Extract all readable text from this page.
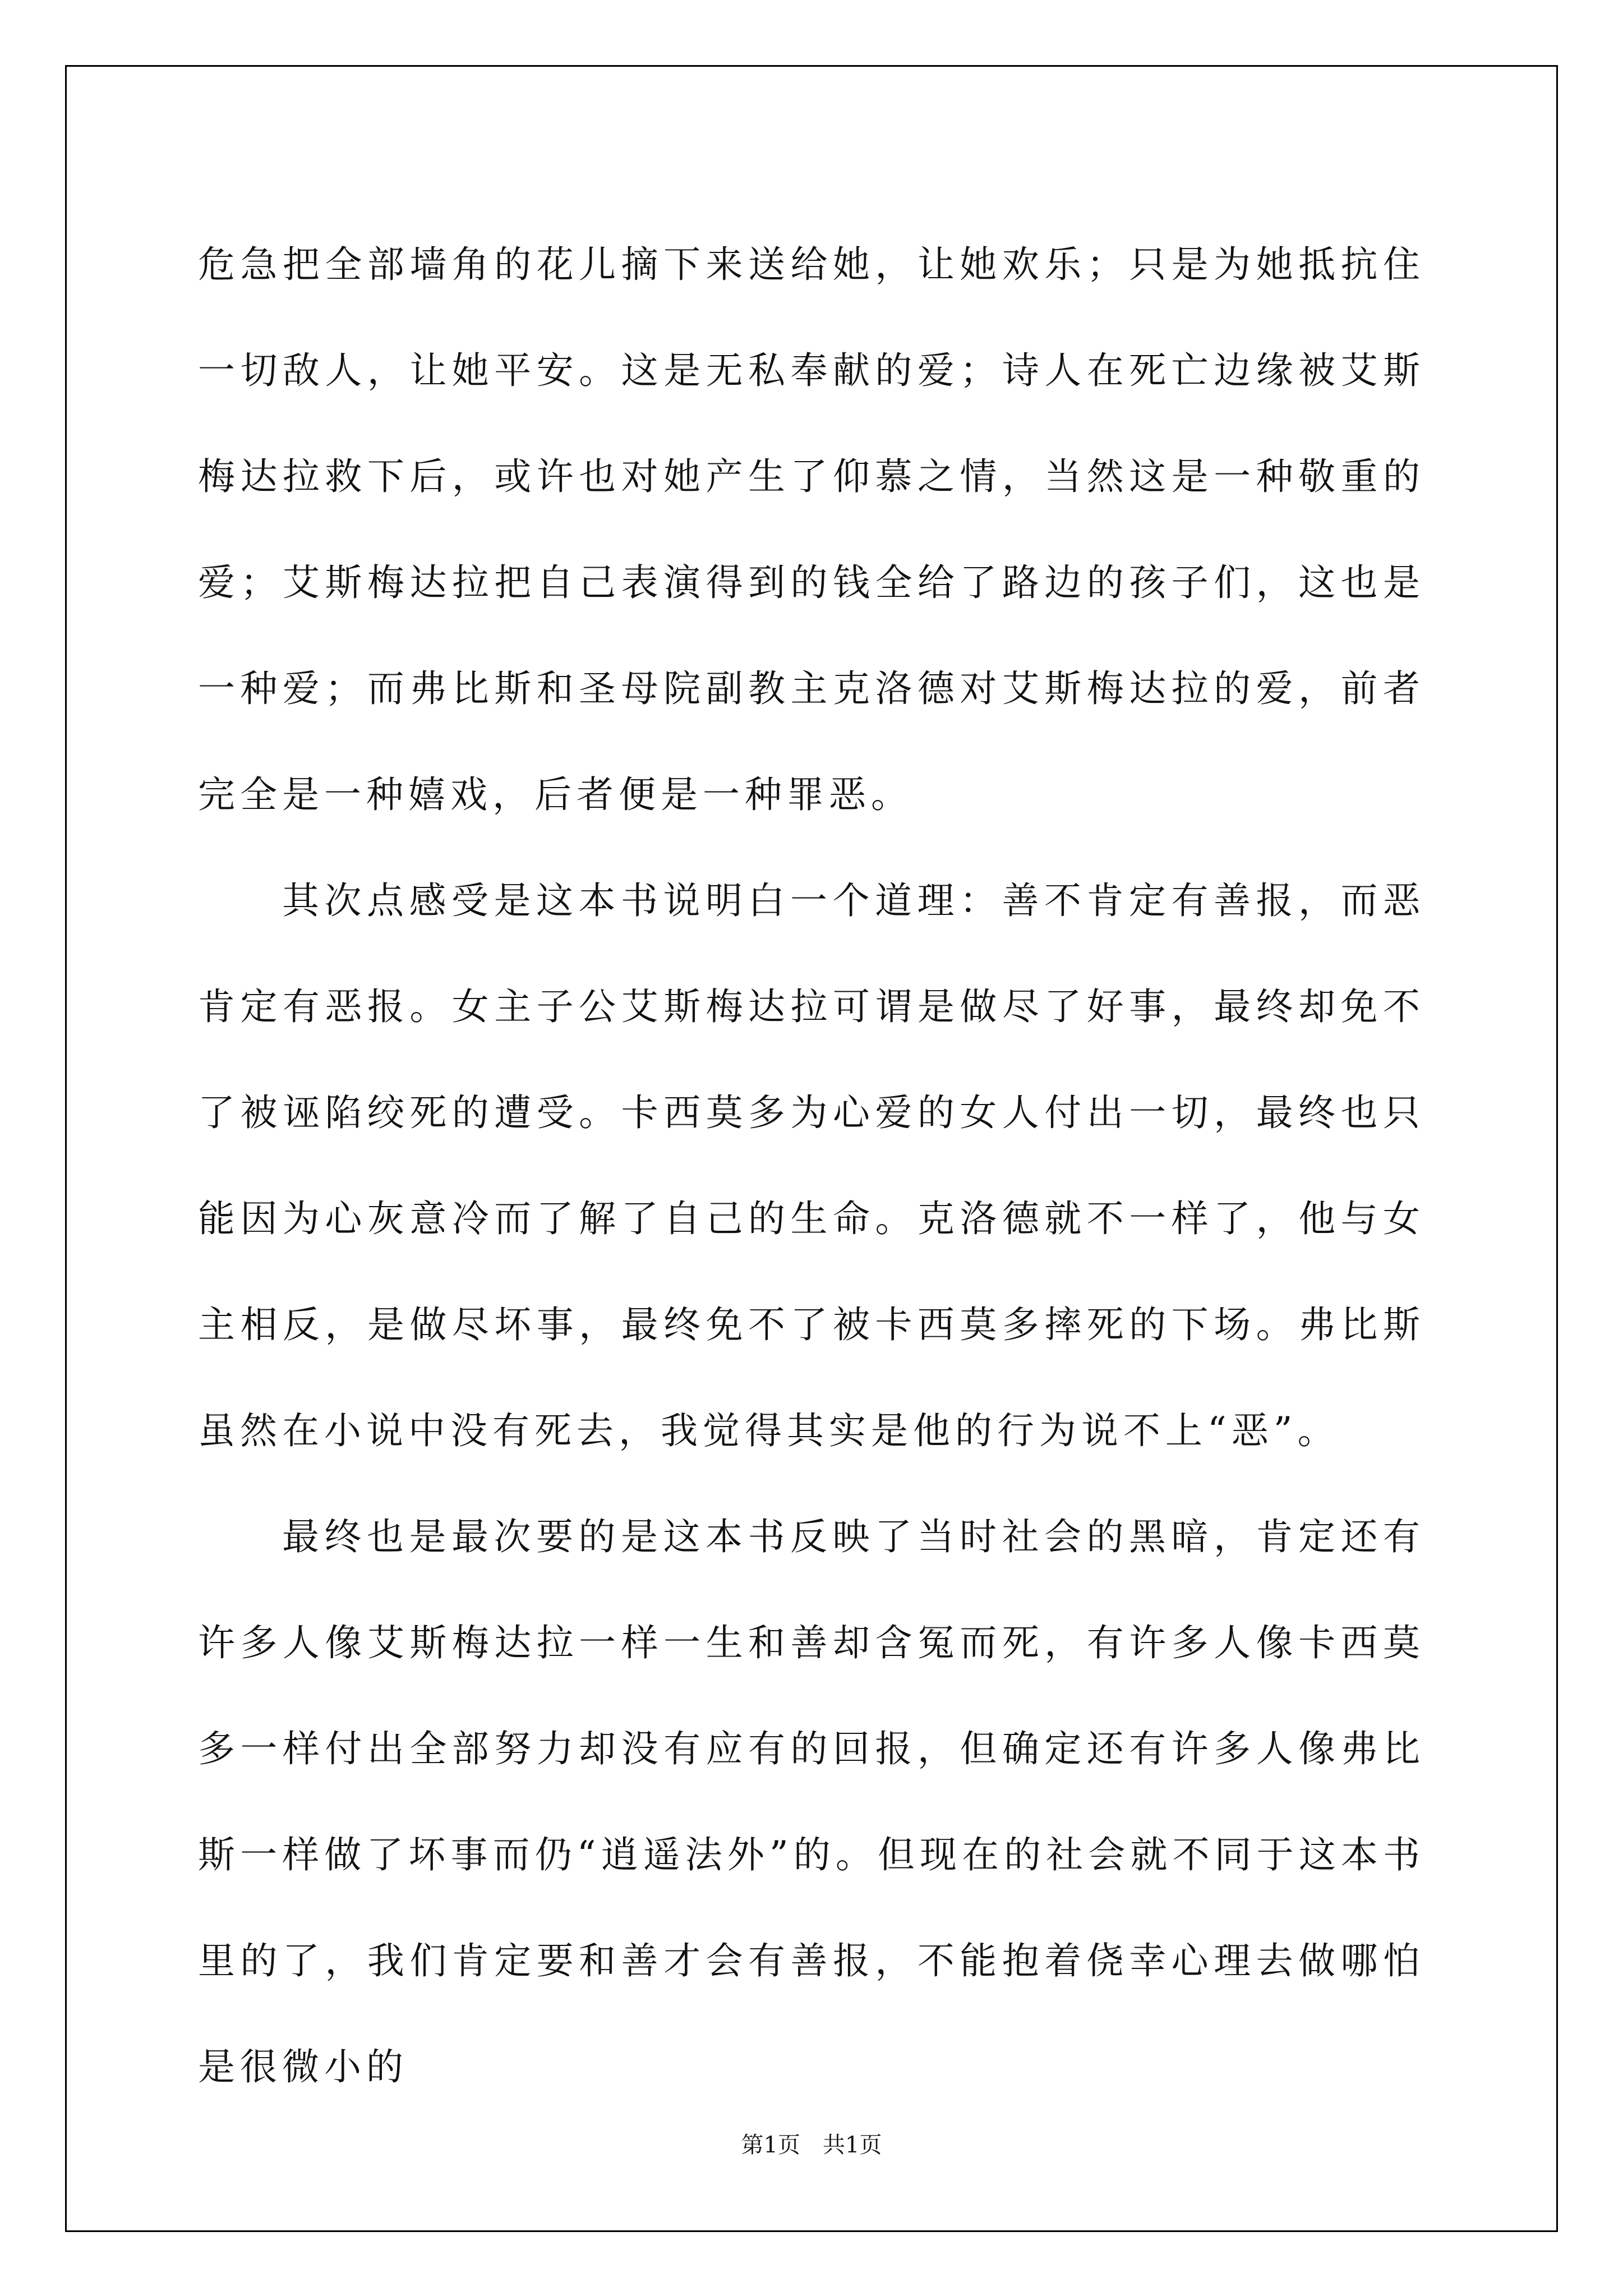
危急把全部墙角的花儿摘下来送给她，让她欢乐；只是为她抵抗住一切敌人，让她平安。这是无私奉献的爱；诗人在死亡边缘被艾斯梅达拉救下后，或许也对她产生了仰慕之情，当然这是一种敬重的爱；艾斯梅达拉把自己表演得到的钱全给了路边的孩子们，这也是一种爱；而弗比斯和圣母院副教主克洛德对艾斯梅达拉的爱，前者完全是一种嬉戏，后者便是一种罪恶。

其次点感受是这本书说明白一个道理：善不肯定有善报，而恶肯定有恶报。女主子公艾斯梅达拉可谓是做尽了好事，最终却免不了被诬陷绞死的遭受。卡西莫多为心爱的女人付出一切，最终也只能因为心灰意冷而了解了自己的生命。克洛德就不一样了，他与女主相反，是做尽坏事，最终免不了被卡西莫多摔死的下场。弗比斯虽然在小说中没有死去，我觉得其实是他的行为说不上“恶”。

最终也是最次要的是这本书反映了当时社会的黑暗，肯定还有许多人像艾斯梅达拉一样一生和善却含冤而死，有许多人像卡西莫多一样付出全部努力却没有应有的回报，但确定还有许多人像弗比斯一样做了坏事而仍“逍遥法外”的。但现在的社会就不同于这本书里的了，我们肯定要和善才会有善报，不能抱着侥幸心理去做哪怕是很微小的

第1页 共1页
